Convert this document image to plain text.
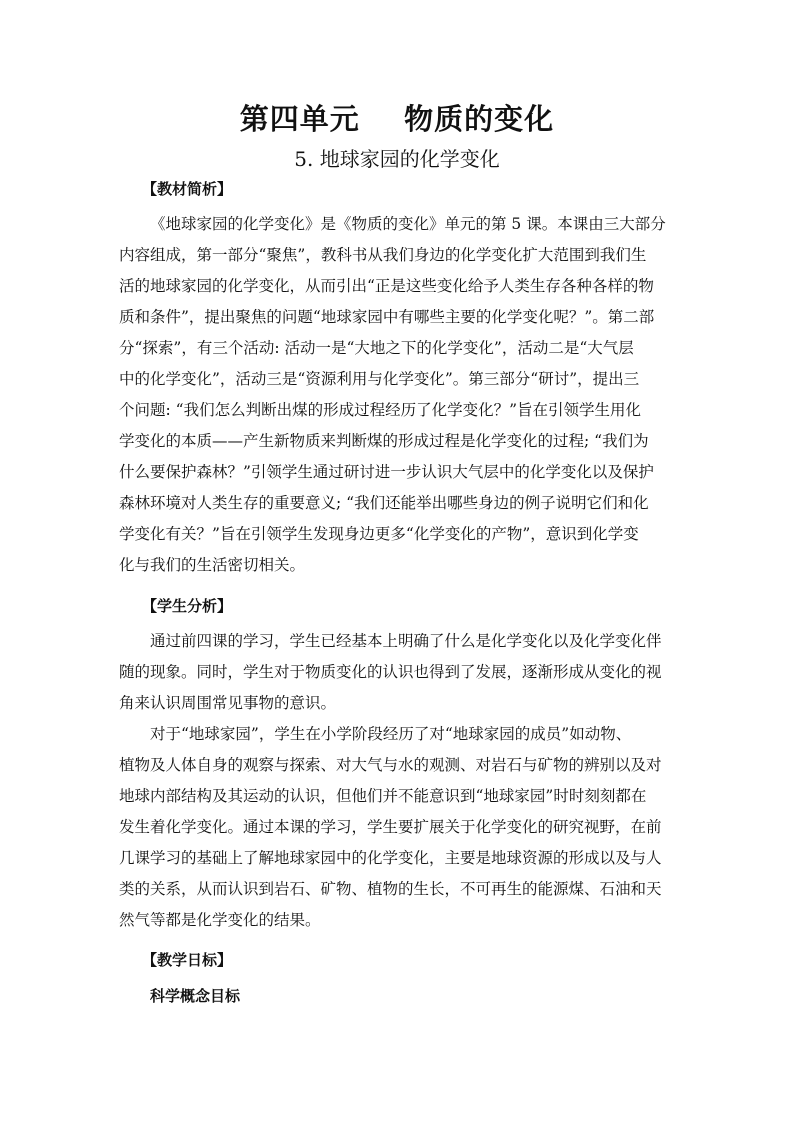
第四单元    物质的变化
5. 地球家园的化学变化
【教材简析】

《地球家园的化学变化》是《物质的变化》单元的第 5 课。本课由三大部分

内容组成，第一部分“聚焦”，教科书从我们身边的化学变化扩大范围到我们生

活的地球家园的化学变化，从而引出“正是这些变化给予人类生存各种各样的物

质和条件”，提出聚焦的问题“地球家园中有哪些主要的化学变化呢？”。第二部

分“探索”，有三个活动: 活动一是“大地之下的化学变化”，活动二是“大气层

中的化学变化”，活动三是“资源利用与化学变化”。第三部分“研讨”，提出三

个问题: “我们怎么判断出煤的形成过程经历了化学变化？”旨在引领学生用化

学变化的本质——产生新物质来判断煤的形成过程是化学变化的过程; “我们为

什么要保护森林？”引领学生通过研讨进一步认识大气层中的化学变化以及保护

森林环境对人类生存的重要意义; “我们还能举出哪些身边的例子说明它们和化

学变化有关？”旨在引领学生发现身边更多“化学变化的产物”，意识到化学变

化与我们的生活密切相关。

【学生分析】

通过前四课的学习，学生已经基本上明确了什么是化学变化以及化学变化伴

随的现象。同时，学生对于物质变化的认识也得到了发展，逐渐形成从变化的视

角来认识周围常见事物的意识。

对于“地球家园”，学生在小学阶段经历了对“地球家园的成员”如动物、

植物及人体自身的观察与探索、对大气与水的观测、对岩石与矿物的辨别以及对

地球内部结构及其运动的认识，但他们并不能意识到“地球家园”时时刻刻都在

发生着化学变化。通过本课的学习，学生要扩展关于化学变化的研究视野，在前

几课学习的基础上了解地球家园中的化学变化，主要是地球资源的形成以及与人

类的关系，从而认识到岩石、矿物、植物的生长，不可再生的能源煤、石油和天

然气等都是化学变化的结果。

【教学日标】
科学概念目标
